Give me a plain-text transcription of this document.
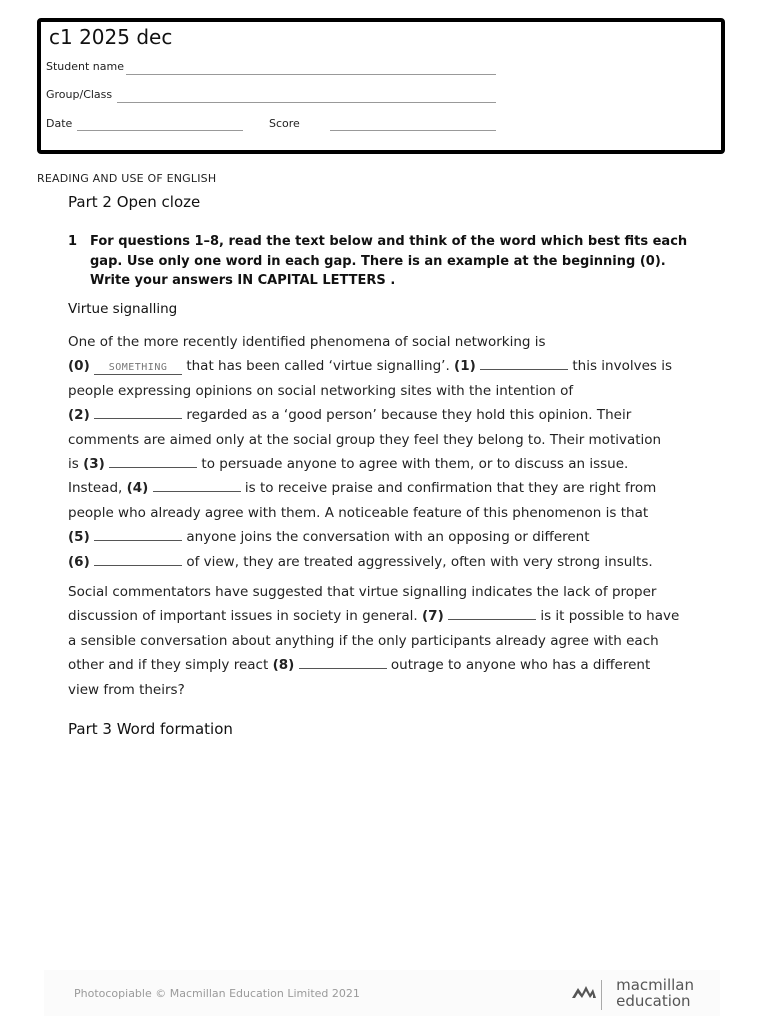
c1 2025 dec
Student name
Group/Class
Date	Score
READING AND USE OF ENGLISH
Part 2 Open cloze
1 For questions 1–8, read the text below and think of the word which best fits each gap. Use only one word in each gap. There is an example at the beginning (0). Write your answers IN CAPITAL LETTERS .
Virtue signalling
One of the more recently identified phenomena of social networking is
(0) SOMETHING that has been called ‘virtue signalling’. (1)	this involves is
people expressing opinions on social networking sites with the intention of
(2)	regarded as a ‘good person’ because they hold this opinion. Their
comments are aimed only at the social group they feel they belong to. Their motivation
is (3)	to persuade anyone to agree with them, or to discuss an issue.
Instead, (4)	is to receive praise and confirmation that they are right from
people who already agree with them. A noticeable feature of this phenomenon is that
(5)	anyone joins the conversation with an opposing or different
(6)	of view, they are treated aggressively, often with very strong insults.
Social commentators have suggested that virtue signalling indicates the lack of proper
discussion of important issues in society in general. (7)	is it possible to have
a sensible conversation about anything if the only participants already agree with each
other and if they simply react (8)	outrage to anyone who has a different
view from theirs?
Part 3 Word formation
Photocopiable © Macmillan Education Limited 2021	macmillan
education
